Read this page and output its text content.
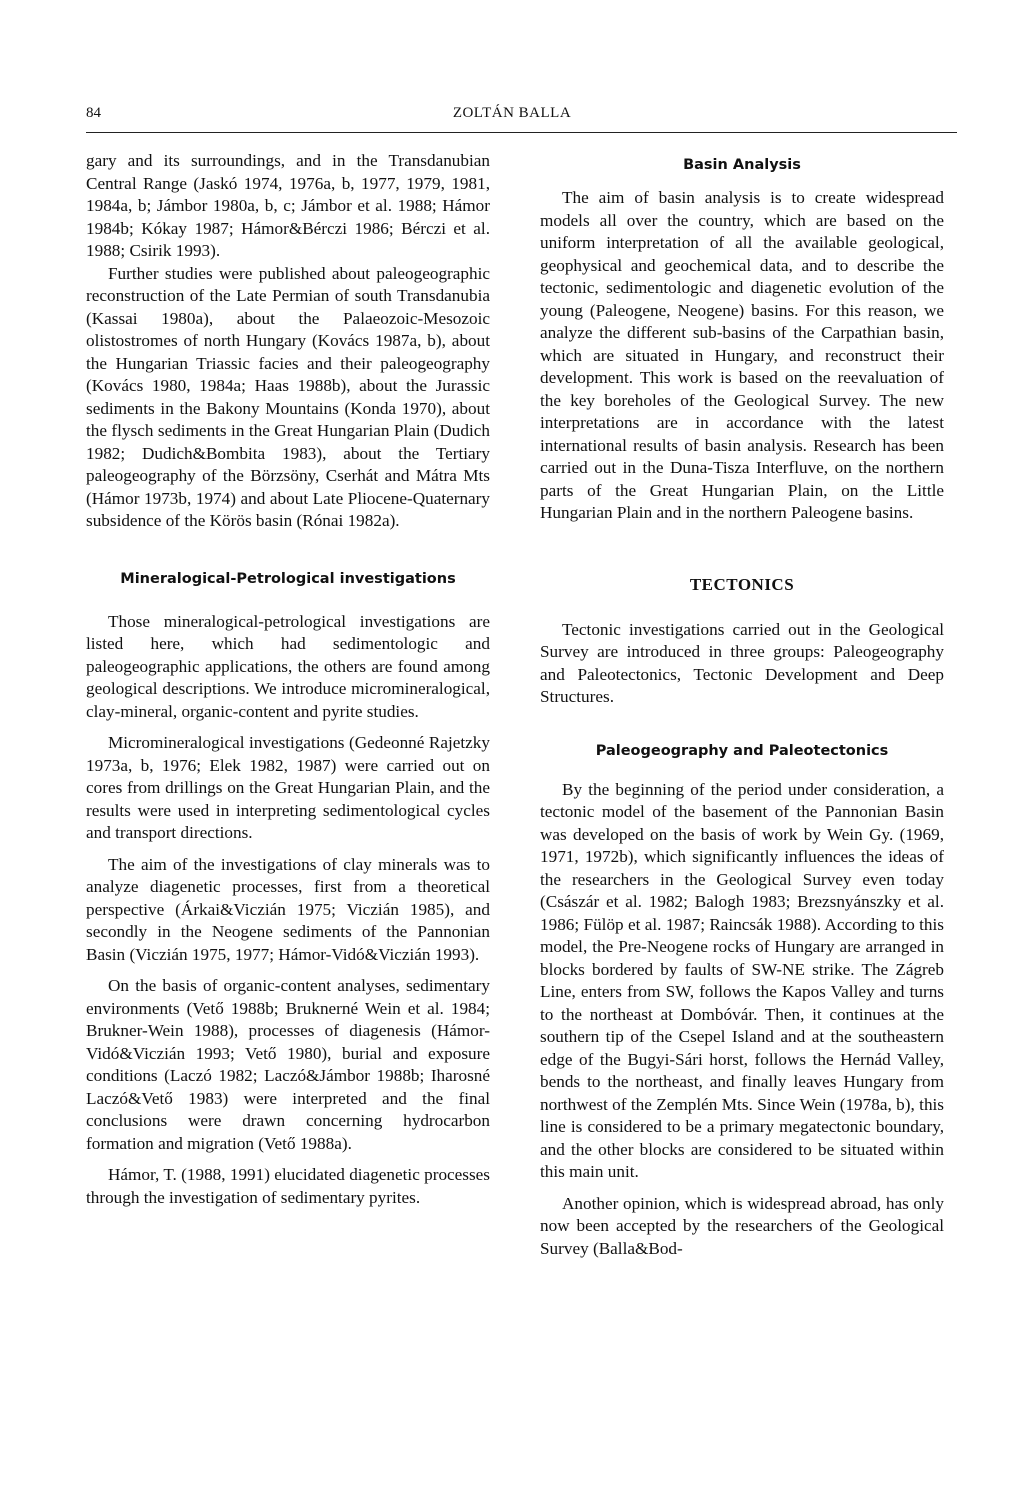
84	ZOLTÁN BALLA

gary and its surroundings, and in the Transdanubian Central Range (Jaskó 1974, 1976a, b, 1977, 1979, 1981, 1984a, b; Jámbor 1980a, b, c; Jámbor et al. 1988; Hámor 1984b; Kókay 1987; Hámor&Bérczi 1986; Bérczi et al. 1988; Csirik 1993).

Further studies were published about paleogeographic reconstruction of the Late Permian of south Transdanubia (Kassai 1980a), about the Palaeozoic-Mesozoic olistostromes of north Hungary (Kovács 1987a, b), about the Hungarian Triassic facies and their paleogeography (Kovács 1980, 1984a; Haas 1988b), about the Jurassic sediments in the Bakony Mountains (Konda 1970), about the flysch sediments in the Great Hungarian Plain (Dudich 1982; Dudich&Bombita 1983), about the Tertiary paleogeography of the Börzsöny, Cserhát and Mátra Mts (Hámor 1973b, 1974) and about Late Pliocene-Quaternary subsidence of the Körös basin (Rónai 1982a).

Mineralogical-Petrological investigations

Those mineralogical-petrological investigations are listed here, which had sedimentologic and paleogeographic applications, the others are found among geological descriptions. We introduce micromineralogical, clay-mineral, organic-content and pyrite studies.

Micromineralogical investigations (Gedeonné Rajetzky 1973a, b, 1976; Elek 1982, 1987) were carried out on cores from drillings on the Great Hungarian Plain, and the results were used in interpreting sedimentological cycles and transport directions.

The aim of the investigations of clay minerals was to analyze diagenetic processes, first from a theoretical perspective (Árkai&Viczián 1975; Viczián 1985), and secondly in the Neogene sediments of the Pannonian Basin (Viczián 1975, 1977; Hámor-Vidó&Viczián 1993).

On the basis of organic-content analyses, sedimentary environments (Vető 1988b; Bruknerné Wein et al. 1984; Brukner-Wein 1988), processes of diagenesis (Hámor-Vidó&Viczián 1993; Vető 1980), burial and exposure conditions (Laczó 1982; Laczó&Jámbor 1988b; Iharosné Laczó&Vető 1983) were interpreted and the final conclusions were drawn concerning hydrocarbon formation and migration (Vető 1988a).

Hámor, T. (1988, 1991) elucidated diagenetic processes through the investigation of sedimentary pyrites.

Basin Analysis

The aim of basin analysis is to create widespread models all over the country, which are based on the uniform interpretation of all the available geological, geophysical and geochemical data, and to describe the tectonic, sedimentologic and diagenetic evolution of the young (Paleogene, Neogene) basins. For this reason, we analyze the different sub-basins of the Carpathian basin, which are situated in Hungary, and reconstruct their development. This work is based on the reevaluation of the key boreholes of the Geological Survey. The new interpretations are in accordance with the latest international results of basin analysis. Research has been carried out in the Duna-Tisza Interfluve, on the northern parts of the Great Hungarian Plain, on the Little Hungarian Plain and in the northern Paleogene basins.

TECTONICS

Tectonic investigations carried out in the Geological Survey are introduced in three groups: Paleogeography and Paleotectonics, Tectonic Development and Deep Structures.

Paleogeography and Paleotectonics

By the beginning of the period under consideration, a tectonic model of the basement of the Pannonian Basin was developed on the basis of work by Wein Gy. (1969, 1971, 1972b), which significantly influences the ideas of the researchers in the Geological Survey even today (Császár et al. 1982; Balogh 1983; Brezsnyánszky et al. 1986; Fülöp et al. 1987; Raincsák 1988). According to this model, the Pre-Neogene rocks of Hungary are arranged in blocks bordered by faults of SW-NE strike. The Zágreb Line, enters from SW, follows the Kapos Valley and turns to the northeast at Dombóvár. Then, it continues at the southern tip of the Csepel Island and at the southeastern edge of the Bugyi-Sári horst, follows the Hernád Valley, bends to the northeast, and finally leaves Hungary from northwest of the Zemplén Mts. Since Wein (1978a, b), this line is considered to be a primary megatectonic boundary, and the other blocks are considered to be situated within this main unit.

Another opinion, which is widespread abroad, has only now been accepted by the researchers of the Geological Survey (Balla&Bod-
